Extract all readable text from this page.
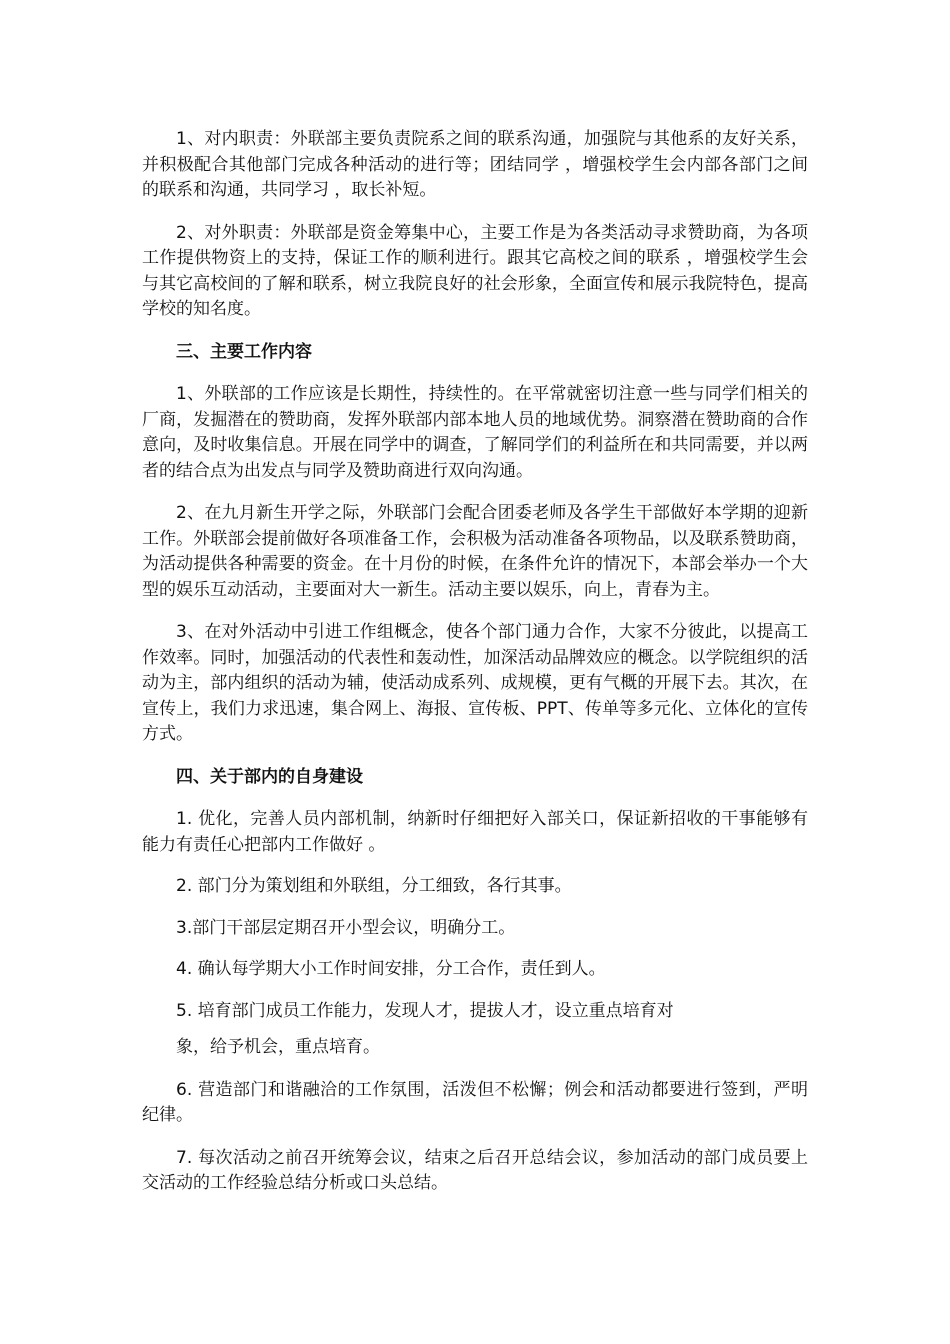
1、对内职责：外联部主要负责院系之间的联系沟通，加强院与其他系的友好关系，并积极配合其他部门完成各种活动的进行等；团结同学 ，增强校学生会内部各部门之间的联系和沟通，共同学习 ，取长补短。

2、对外职责：外联部是资金筹集中心，主要工作是为各类活动寻求赞助商，为各项工作提供物资上的支持，保证工作的顺利进行。跟其它高校之间的联系 ，增强校学生会与其它高校间的了解和联系，树立我院良好的社会形象，全面宣传和展示我院特色，提高学校的知名度。

三、主要工作内容

1、外联部的工作应该是长期性，持续性的。在平常就密切注意一些与同学们相关的厂商，发掘潜在的赞助商，发挥外联部内部本地人员的地域优势。洞察潜在赞助商的合作意向，及时收集信息。开展在同学中的调查，了解同学们的利益所在和共同需要，并以两者的结合点为出发点与同学及赞助商进行双向沟通。

2、在九月新生开学之际，外联部门会配合团委老师及各学生干部做好本学期的迎新工作。外联部会提前做好各项准备工作，会积极为活动准备各项物品，以及联系赞助商，为活动提供各种需要的资金。在十月份的时候，在条件允许的情况下，本部会举办一个大型的娱乐互动活动，主要面对大一新生。活动主要以娱乐，向上，青春为主。

3、在对外活动中引进工作组概念，使各个部门通力合作，大家不分彼此，以提高工作效率。同时，加强活动的代表性和轰动性，加深活动品牌效应的概念。以学院组织的活动为主，部内组织的活动为辅，使活动成系列、成规模，更有气概的开展下去。其次，在宣传上，我们力求迅速，集合网上、海报、宣传板、PPT、传单等多元化、立体化的宣传方式。

四、关于部内的自身建设

1. 优化，完善人员内部机制，纳新时仔细把好入部关口，保证新招收的干事能够有能力有责任心把部内工作做好 。

2. 部门分为策划组和外联组，分工细致，各行其事。

3.部门干部层定期召开小型会议，明确分工。

4. 确认每学期大小工作时间安排，分工合作，责任到人。

5. 培育部门成员工作能力，发现人才，提拔人才，设立重点培育对

象，给予机会，重点培育。

6. 营造部门和谐融洽的工作氛围，活泼但不松懈；例会和活动都要进行签到，严明纪律。

7. 每次活动之前召开统筹会议，结束之后召开总结会议，参加活动的部门成员要上交活动的工作经验总结分析或口头总结。
